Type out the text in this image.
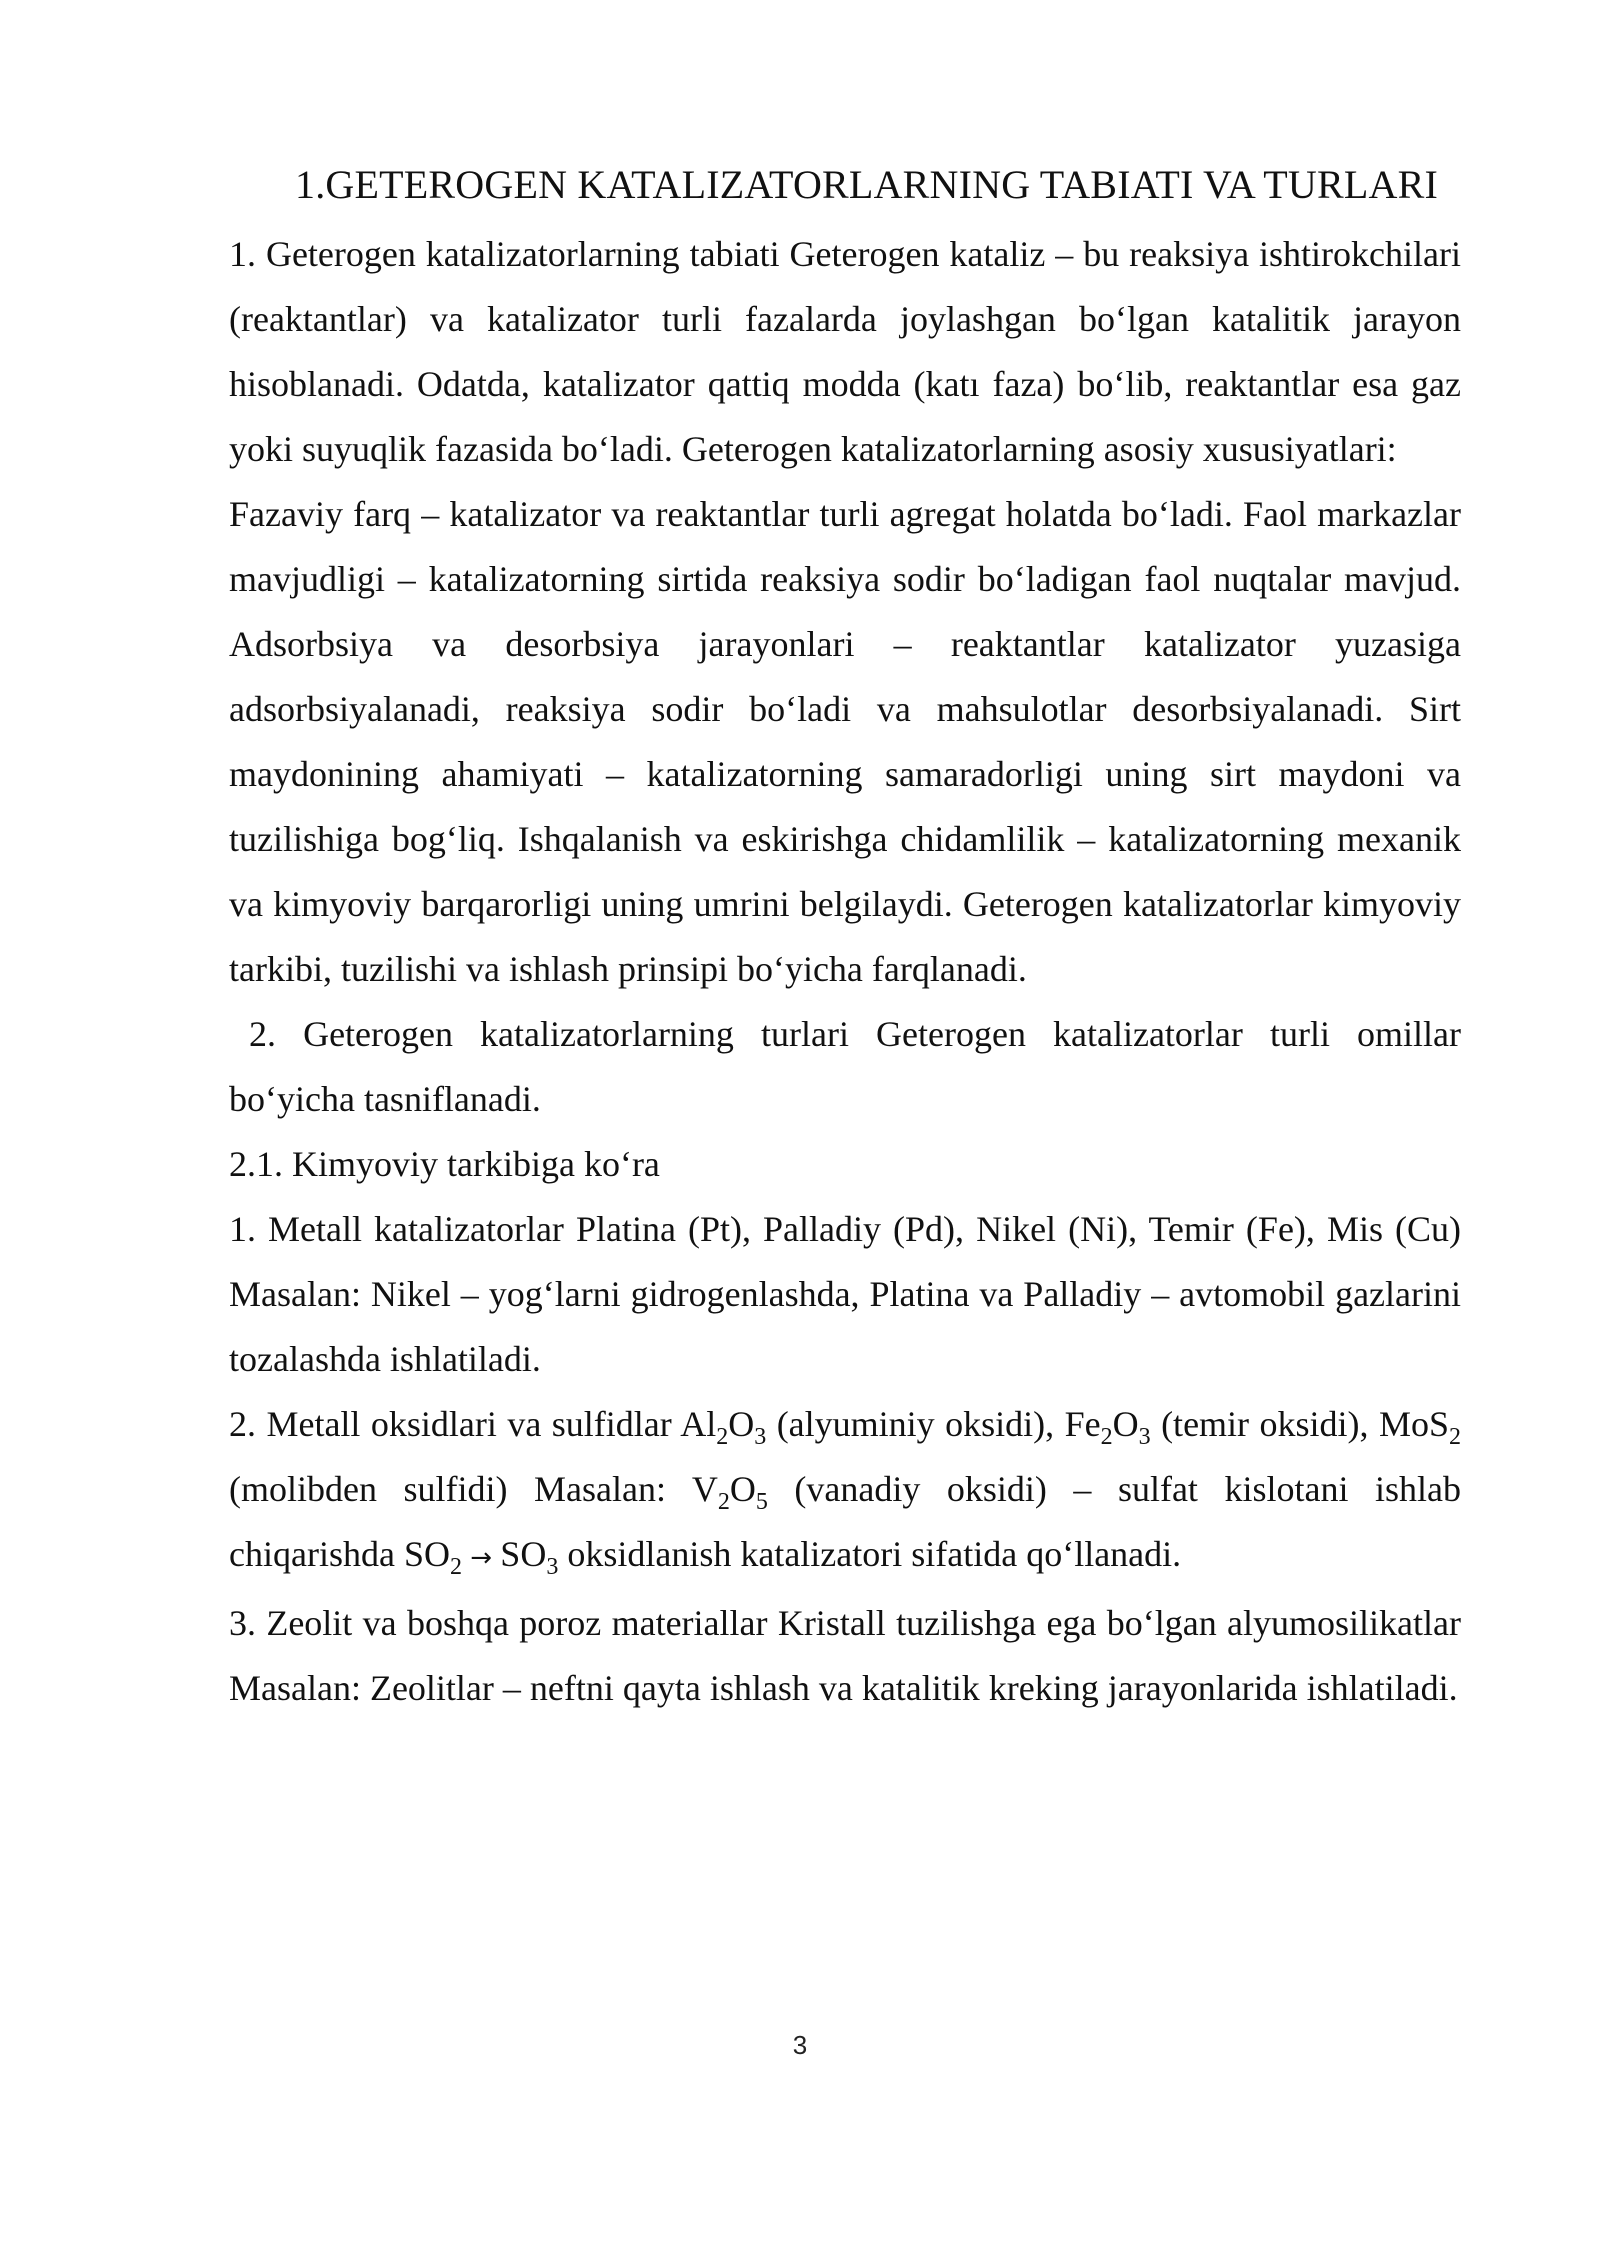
1.GETEROGEN KATALIZATORLARNING TABIATI VA TURLARI

1. Geterogen katalizatorlarning tabiati Geterogen kataliz – bu reaksiya ishtirokchilari (reaktantlar) va katalizator turli fazalarda joylashgan bo‘lgan katalitik jarayon hisoblanadi. Odatda, katalizator qattiq modda (katı faza) bo‘lib, reaktantlar esa gaz yoki suyuqlik fazasida bo‘ladi. Geterogen katalizatorlarning asosiy xususiyatlari:

Fazaviy farq – katalizator va reaktantlar turli agregat holatda bo‘ladi. Faol markazlar mavjudligi – katalizatorning sirtida reaksiya sodir bo‘ladigan faol nuqtalar mavjud. Adsorbsiya va desorbsiya jarayonlari – reaktantlar katalizator yuzasiga adsorbsiyalanadi, reaksiya sodir bo‘ladi va mahsulotlar desorbsiyalanadi. Sirt maydonining ahamiyati – katalizatorning samaradorligi uning sirt maydoni va tuzilishiga bog‘liq. Ishqalanish va eskirishga chidamlilik – katalizatorning mexanik va kimyoviy barqarorligi uning umrini belgilaydi. Geterogen katalizatorlar kimyoviy tarkibi, tuzilishi va ishlash prinsipi bo‘yicha farqlanadi.

2. Geterogen katalizatorlarning turlari Geterogen katalizatorlar turli omillar bo‘yicha tasniflanadi.

2.1. Kimyoviy tarkibiga ko‘ra

1. Metall katalizatorlar Platina (Pt), Palladiy (Pd), Nikel (Ni), Temir (Fe), Mis (Cu) Masalan: Nikel – yog‘larni gidrogenlashda, Platina va Palladiy – avtomobil gazlarini tozalashda ishlatiladi.

2. Metall oksidlari va sulfidlar $Al_2O_3$ (alyuminiy oksidi), $Fe_2O_3$ (temir oksidi), MoS$_2$ (molibden sulfidi) Masalan: $V_2O_5$ (vanadiy oksidi) – sulfat kislotani ishlab chiqarishda $SO_2 \to SO_3$ oksidlanish katalizatori sifatida qo‘llanadi.

3. Zeolit va boshqa poroz materiallar Kristall tuzilishga ega bo‘lgan alyumosilikatlar Masalan: Zeolitlar – neftni qayta ishlash va katalitik kreking jarayonlarida ishlatiladi.

3
